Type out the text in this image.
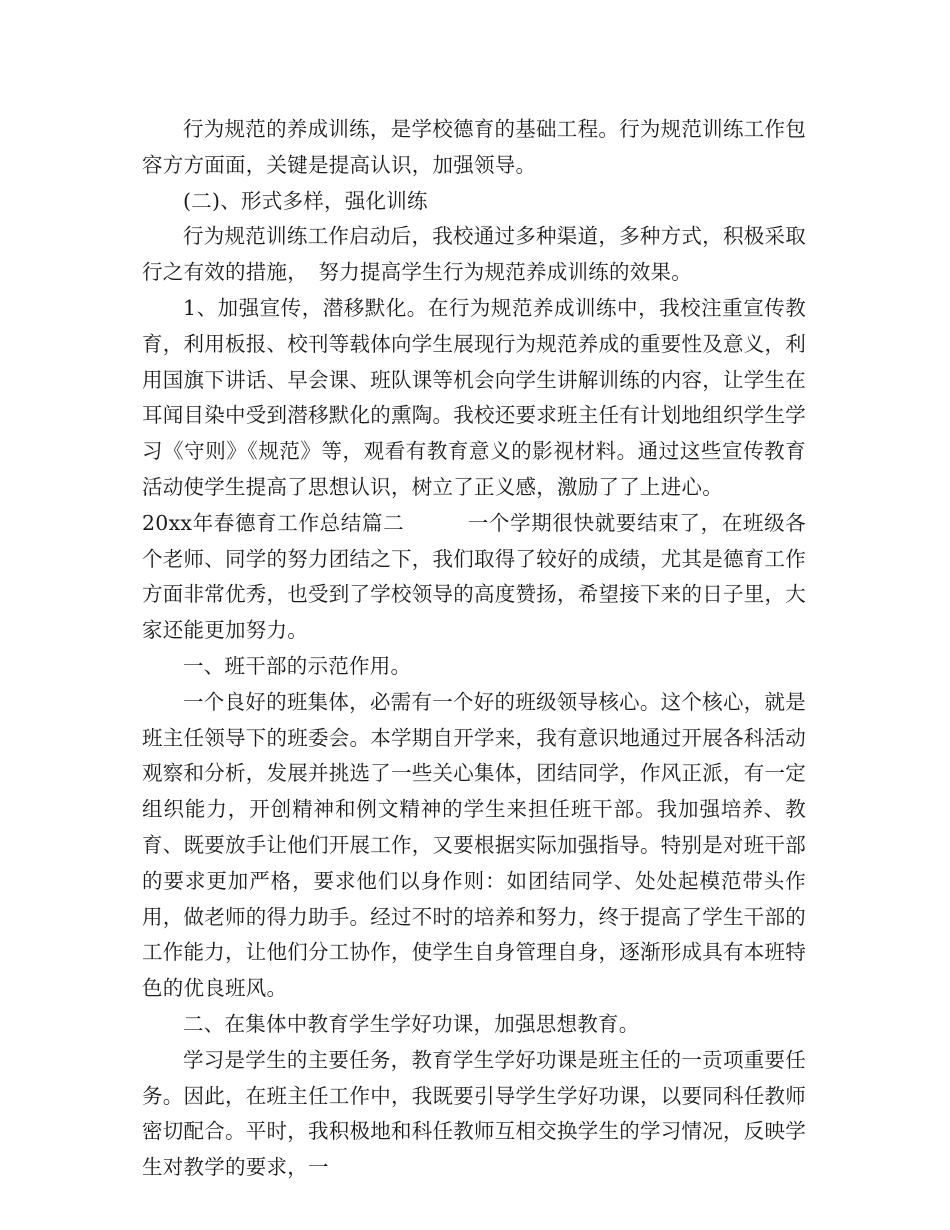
行为规范的养成训练，是学校德育的基础工程。行为规范训练工作包容方方面面，关键是提高认识，加强领导。

(二)、形式多样，强化训练

行为规范训练工作启动后，我校通过多种渠道，多种方式，积极采取行之有效的措施，　努力提高学生行为规范养成训练的效果。

1、加强宣传，潜移默化。在行为规范养成训练中，我校注重宣传教育，利用板报、校刊等载体向学生展现行为规范养成的重要性及意义，利用国旗下讲话、早会课、班队课等机会向学生讲解训练的内容，让学生在耳闻目染中受到潜移默化的熏陶。我校还要求班主任有计划地组织学生学习《守则》《规范》等，观看有教育意义的影视材料。通过这些宣传教育活动使学生提高了思想认识，树立了正义感，激励了了上进心。

20xx年春德育工作总结篇二　　　一个学期很快就要结束了，在班级各个老师、同学的努力团结之下，我们取得了较好的成绩，尤其是德育工作方面非常优秀，也受到了学校领导的高度赞扬，希望接下来的日子里，大家还能更加努力。

一、班干部的示范作用。

一个良好的班集体，必需有一个好的班级领导核心。这个核心，就是班主任领导下的班委会。本学期自开学来，我有意识地通过开展各科活动观察和分析，发展并挑选了一些关心集体，团结同学，作风正派，有一定组织能力，开创精神和例文精神的学生来担任班干部。我加强培养、教育、既要放手让他们开展工作，又要根据实际加强指导。特别是对班干部的要求更加严格，要求他们以身作则：如团结同学、处处起模范带头作用，做老师的得力助手。经过不时的培养和努力，终于提高了学生干部的工作能力，让他们分工协作，使学生自身管理自身，逐渐形成具有本班特色的优良班风。

二、在集体中教育学生学好功课，加强思想教育。

学习是学生的主要任务，教育学生学好功课是班主任的一贡项重要任务。因此，在班主任工作中，我既要引导学生学好功课，以要同科任教师密切配合。平时，我积极地和科任教师互相交换学生的学习情况，反映学生对教学的要求，一
